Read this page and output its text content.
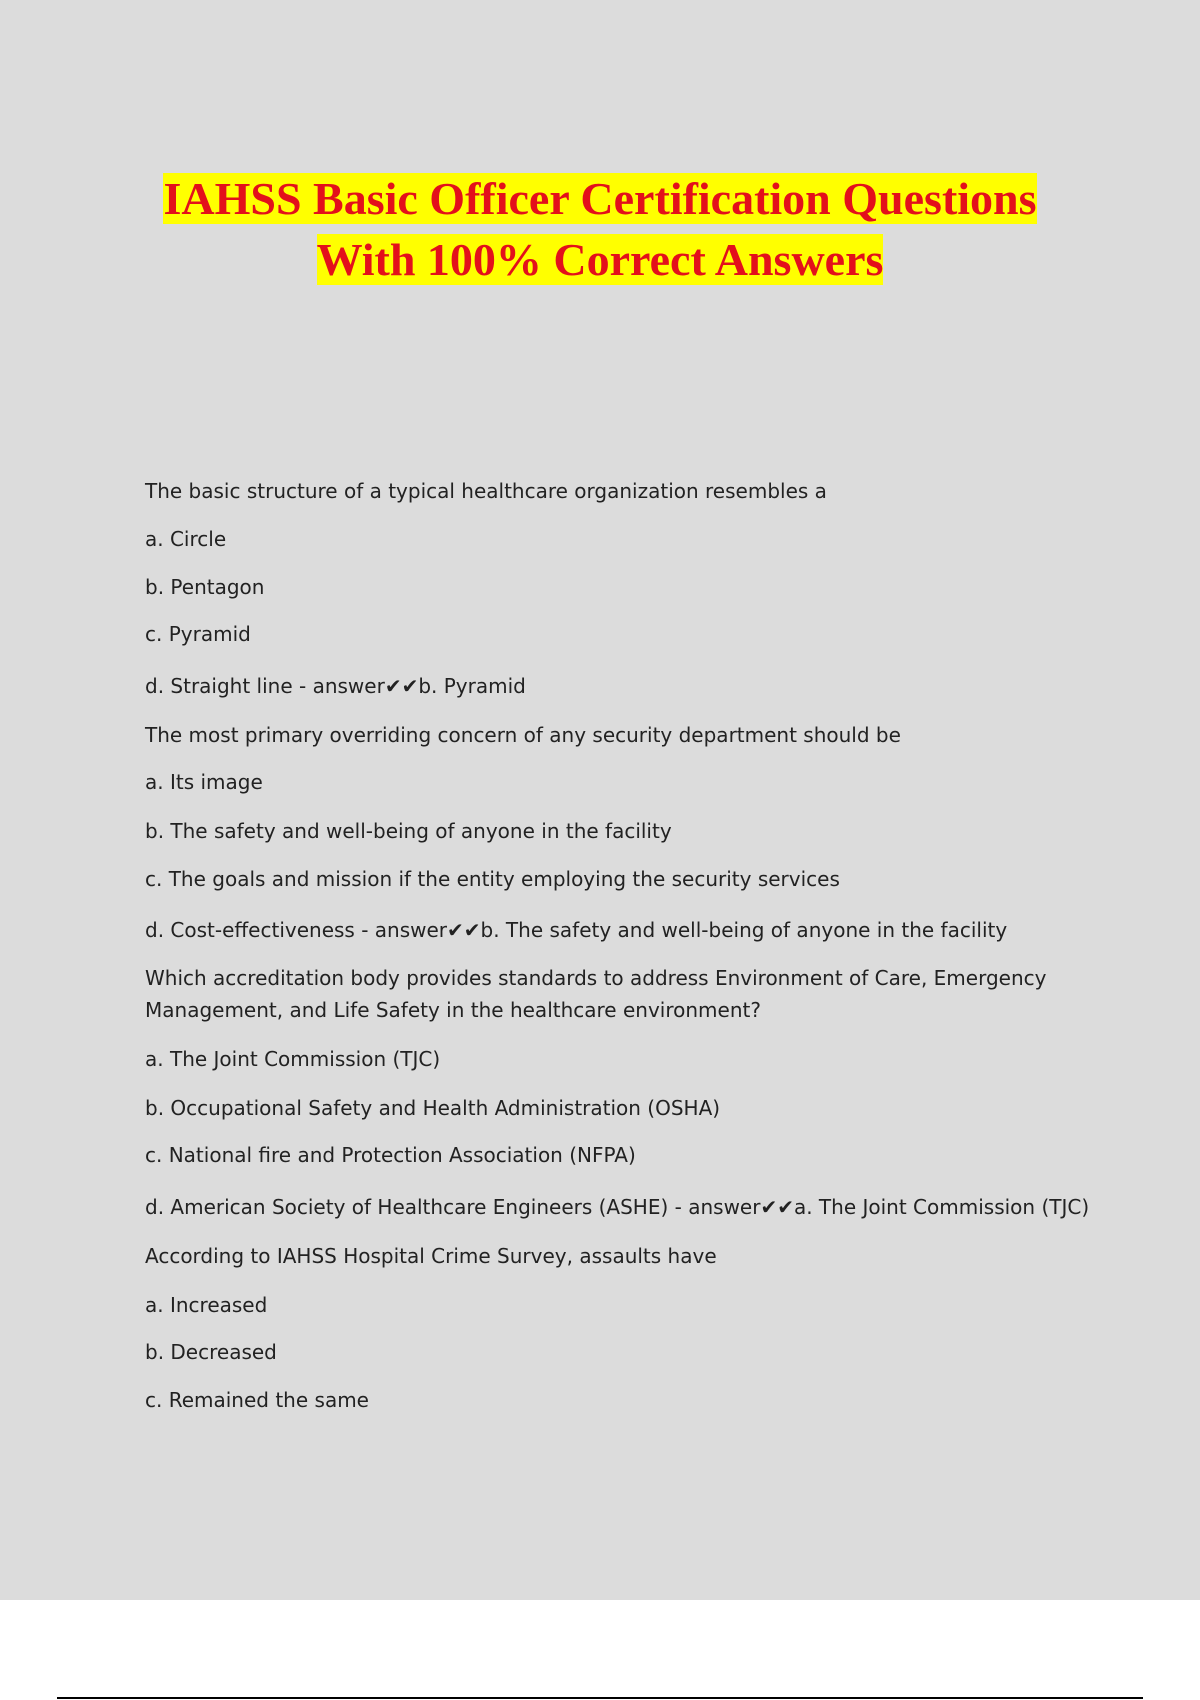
IAHSS Basic Officer Certification Questions
With 100% Correct Answers
The basic structure of a typical healthcare organization resembles a
a. Circle
b. Pentagon
c. Pyramid
d. Straight line - answer✔✔b. Pyramid
The most primary overriding concern of any security department should be
a. Its image
b. The safety and well-being of anyone in the facility
c. The goals and mission if the entity employing the security services
d. Cost-effectiveness - answer✔✔b. The safety and well-being of anyone in the facility
Which accreditation body provides standards to address Environment of Care, Emergency Management, and Life Safety in the healthcare environment?
a. The Joint Commission (TJC)
b. Occupational Safety and Health Administration (OSHA)
c. National fire and Protection Association (NFPA)
d. American Society of Healthcare Engineers (ASHE) - answer✔✔a. The Joint Commission (TJC)
According to IAHSS Hospital Crime Survey, assaults have
a. Increased
b. Decreased
c. Remained the same
